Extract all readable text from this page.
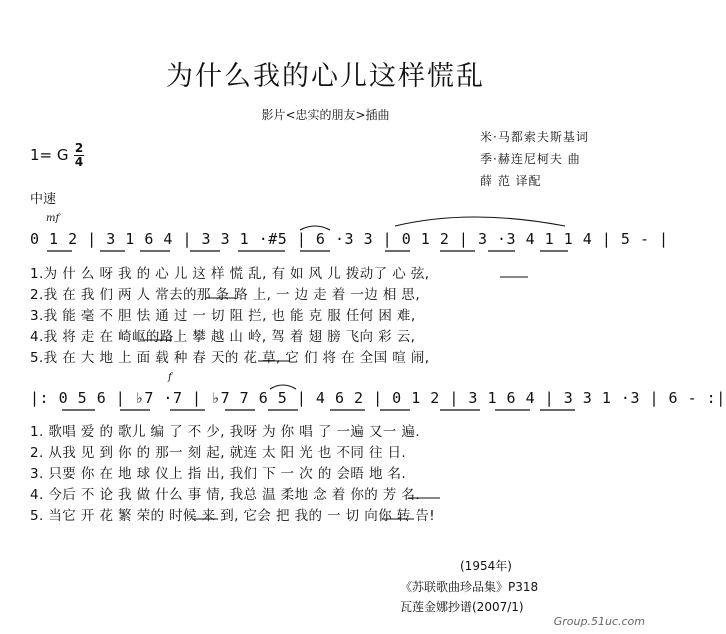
为什么我的心儿这样慌乱
影片<忠实的朋友>插曲
米·马都索夫斯基词
季·赫连尼柯夫 曲
薛 范 译配
1= G 2
4
中速
mf
0 1 2 | 3 1 6 4 | 3 3 1 ·#5 | 6 ·3 3 | 0 1 2 | 3 ·3 4 1 1 4 | 5 - |
1.为 什 么 呀 我 的 心 儿 这 样 慌 乱, 有 如 风 儿 拨动了 心 弦,
2.我 在 我 们 两 人 常去的那 条 路 上, 一 边 走 着 一边 相 思,
3.我 能 毫 不 胆 怯 通 过 一 切 阻 拦, 也 能 克 服 任何 困 难,
4.我 将 走 在 崎岖的路上 攀 越 山 岭, 驾 着 翅 膀 飞向 彩 云,
5.我 在 大 地 上 面 载 种 春 天的 花 草, 它 们 将 在 全国 喧 闹,
f
|: 0 5 6 | ♭7 ·7 | ♭7 7 6 5 | 4 6 2 | 0 1 2 | 3 1 6 4 | 3 3 1 ·3 | 6 - :|
1. 歌唱 爱 的 歌儿 编 了 不 少, 我呀 为 你 唱 了 一遍 又一 遍.
2. 从我 见 到 你 的 那一 刻 起, 就连 太 阳 光 也 不同 往 日.
3. 只要 你 在 地 球 仪上 指 出, 我们 下 一 次 的 会晤 地 名.
4. 今后 不 论 我 做 什么 事 情, 我总 温 柔地 念 着 你的 芳 名.
5. 当它 开 花 繁 荣的 时候 来 到, 它会 把 我的 一 切 向你 转 告!
(1954年)
《苏联歌曲珍品集》P318
瓦莲金娜抄谱(2007/1)
Group.51uc.com
